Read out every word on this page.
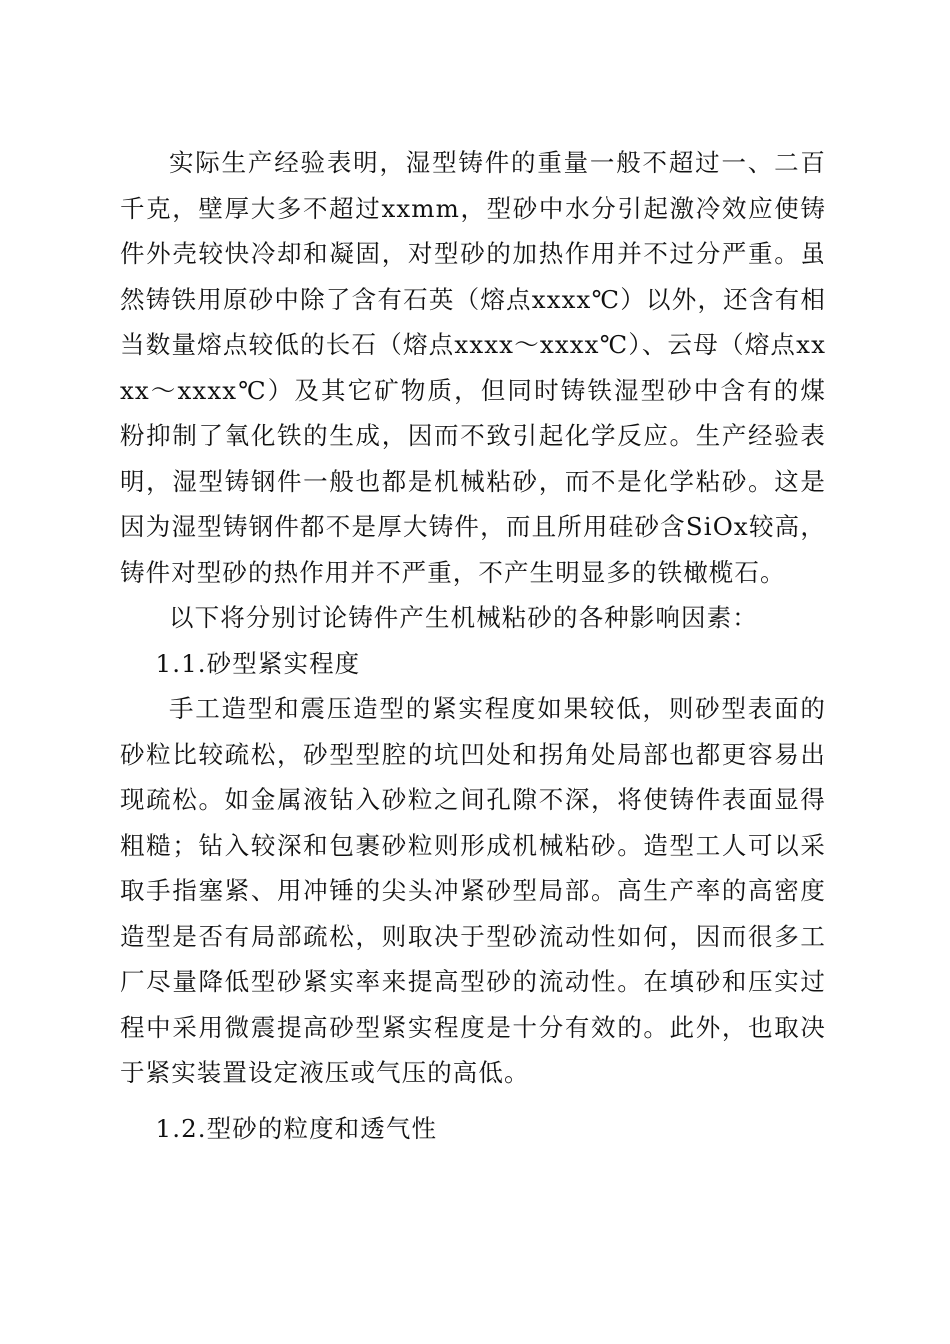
实际生产经验表明，湿型铸件的重量一般不超过一、二百千克，壁厚大多不超过xxmm，型砂中水分引起激冷效应使铸件外壳较快冷却和凝固，对型砂的加热作用并不过分严重。虽然铸铁用原砂中除了含有石英（熔点xxxx℃）以外，还含有相当数量熔点较低的长石（熔点xxxx～xxxx℃）、云母（熔点xxxx～xxxx℃）及其它矿物质，但同时铸铁湿型砂中含有的煤粉抑制了氧化铁的生成，因而不致引起化学反应。生产经验表明，湿型铸钢件一般也都是机械粘砂，而不是化学粘砂。这是因为湿型铸钢件都不是厚大铸件，而且所用硅砂含SiOx较高，铸件对型砂的热作用并不严重，不产生明显多的铁橄榄石。

以下将分别讨论铸件产生机械粘砂的各种影响因素：

1.1.砂型紧实程度

手工造型和震压造型的紧实程度如果较低，则砂型表面的砂粒比较疏松，砂型型腔的坑凹处和拐角处局部也都更容易出现疏松。如金属液钻入砂粒之间孔隙不深，将使铸件表面显得粗糙；钻入较深和包裹砂粒则形成机械粘砂。造型工人可以采取手指塞紧、用冲锤的尖头冲紧砂型局部。高生产率的高密度造型是否有局部疏松，则取决于型砂流动性如何，因而很多工厂尽量降低型砂紧实率来提高型砂的流动性。在填砂和压实过程中采用微震提高砂型紧实程度是十分有效的。此外，也取决于紧实装置设定液压或气压的高低。

1.2.型砂的粒度和透气性
